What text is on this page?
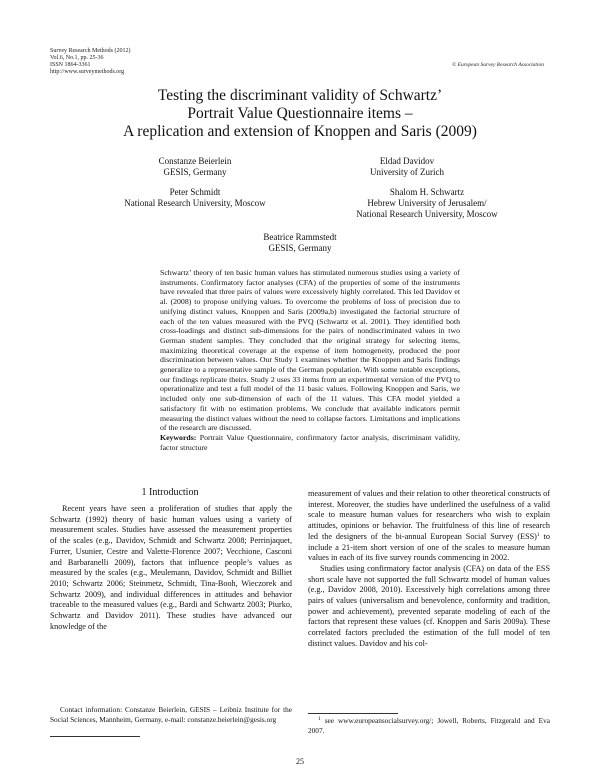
Survey Research Methods (2012)
Vol.6, No.1, pp. 25-36
ISSN 1864-3361
http://www.surveymethods.org
© European Survey Research Association
Testing the discriminant validity of Schwartz’
Portrait Value Questionnaire items –
A replication and extension of Knoppen and Saris (2009)
Constanze Beierlein
GESIS, Germany
Eldad Davidov
University of Zurich
Peter Schmidt
National Research University, Moscow
Shalom H. Schwartz
Hebrew University of Jerusalem/
National Research University, Moscow
Beatrice Rammstedt
GESIS, Germany
Schwartz’ theory of ten basic human values has stimulated numerous studies using a variety of instruments. Confirmatory factor analyses (CFA) of the properties of some of the instruments have revealed that three pairs of values were excessively highly correlated. This led Davidov et al. (2008) to propose unifying values. To overcome the problems of loss of precision due to unifying distinct values, Knoppen and Saris (2009a,b) investigated the factorial structure of each of the ten values measured with the PVQ (Schwartz et al. 2001). They identified both cross-loadings and distinct sub-dimensions for the pairs of nondiscriminated values in two German student samples. They concluded that the original strategy for selecting items, maximizing theoretical coverage at the expense of item homogeneity, produced the poor discrimination between values. Our Study 1 examines whether the Knoppen and Saris findings generalize to a representative sample of the German population. With some notable exceptions, our findings replicate theirs. Study 2 uses 33 items from an experimental version of the PVQ to operationalize and test a full model of the 11 basic values. Following Knoppen and Saris, we included only one sub-dimension of each of the 11 values. This CFA model yielded a satisfactory fit with no estimation problems. We conclude that available indicators permit measuring the distinct values without the need to collapse factors. Limitations and implications of the research are discussed.
Keywords: Portrait Value Questionnaire, confirmatory factor analysis, discriminant validity, factor structure
1 Introduction

Recent years have seen a proliferation of studies that apply the Schwartz (1992) theory of basic human values using a variety of measurement scales. Studies have assessed the measurement properties of the scales (e.g., Davidov, Schmidt and Schwartz 2008; Perrinjaquet, Furrer, Usunier, Cestre and Valette-Florence 2007; Vecchione, Casconi and Barbaranelli 2009), factors that influence people’s values as measured by the scales (e.g., Meulemann, Davidov, Schmidt and Billiet 2010; Schwartz 2006; Steinmetz, Schmidt, Tina-Booh, Wieczorek and Schwartz 2009), and individual differences in attitudes and behavior traceable to the measured values (e.g., Bardi and Schwartz 2003; Piurko, Schwartz and Davidov 2011). These studies have advanced our knowledge of the

Contact information: Constanze Beierlein, GESIS – Leibniz Institute for the Social Sciences, Mannheim, Germany, e-mail: constanze.beierlein@gesis.org

measurement of values and their relation to other theoretical constructs of interest. Moreover, the studies have underlined the usefulness of a valid scale to measure human values for researchers who wish to explain attitudes, opinions or behavior. The fruitfulness of this line of research led the designers of the bi-annual European Social Survey (ESS)$^1$ to include a 21-item short version of one of the scales to measure human values in each of its five survey rounds commencing in 2002.

Studies using confirmatory factor analysis (CFA) on data of the ESS short scale have not supported the full Schwartz model of human values (e.g., Davidov 2008, 2010). Excessively high correlations among three pairs of values (universalism and benevolence, conformity and tradition, power and achievement), prevented separate modeling of each of the factors that represent these values (cf. Knoppen and Saris 2009a). These correlated factors precluded the estimation of the full model of ten distinct values. Davidov and his col-

$^1$ see www.europeansocialsurvey.org/; Jowell, Roberts, Fitzgerald and Eva 2007.
25
